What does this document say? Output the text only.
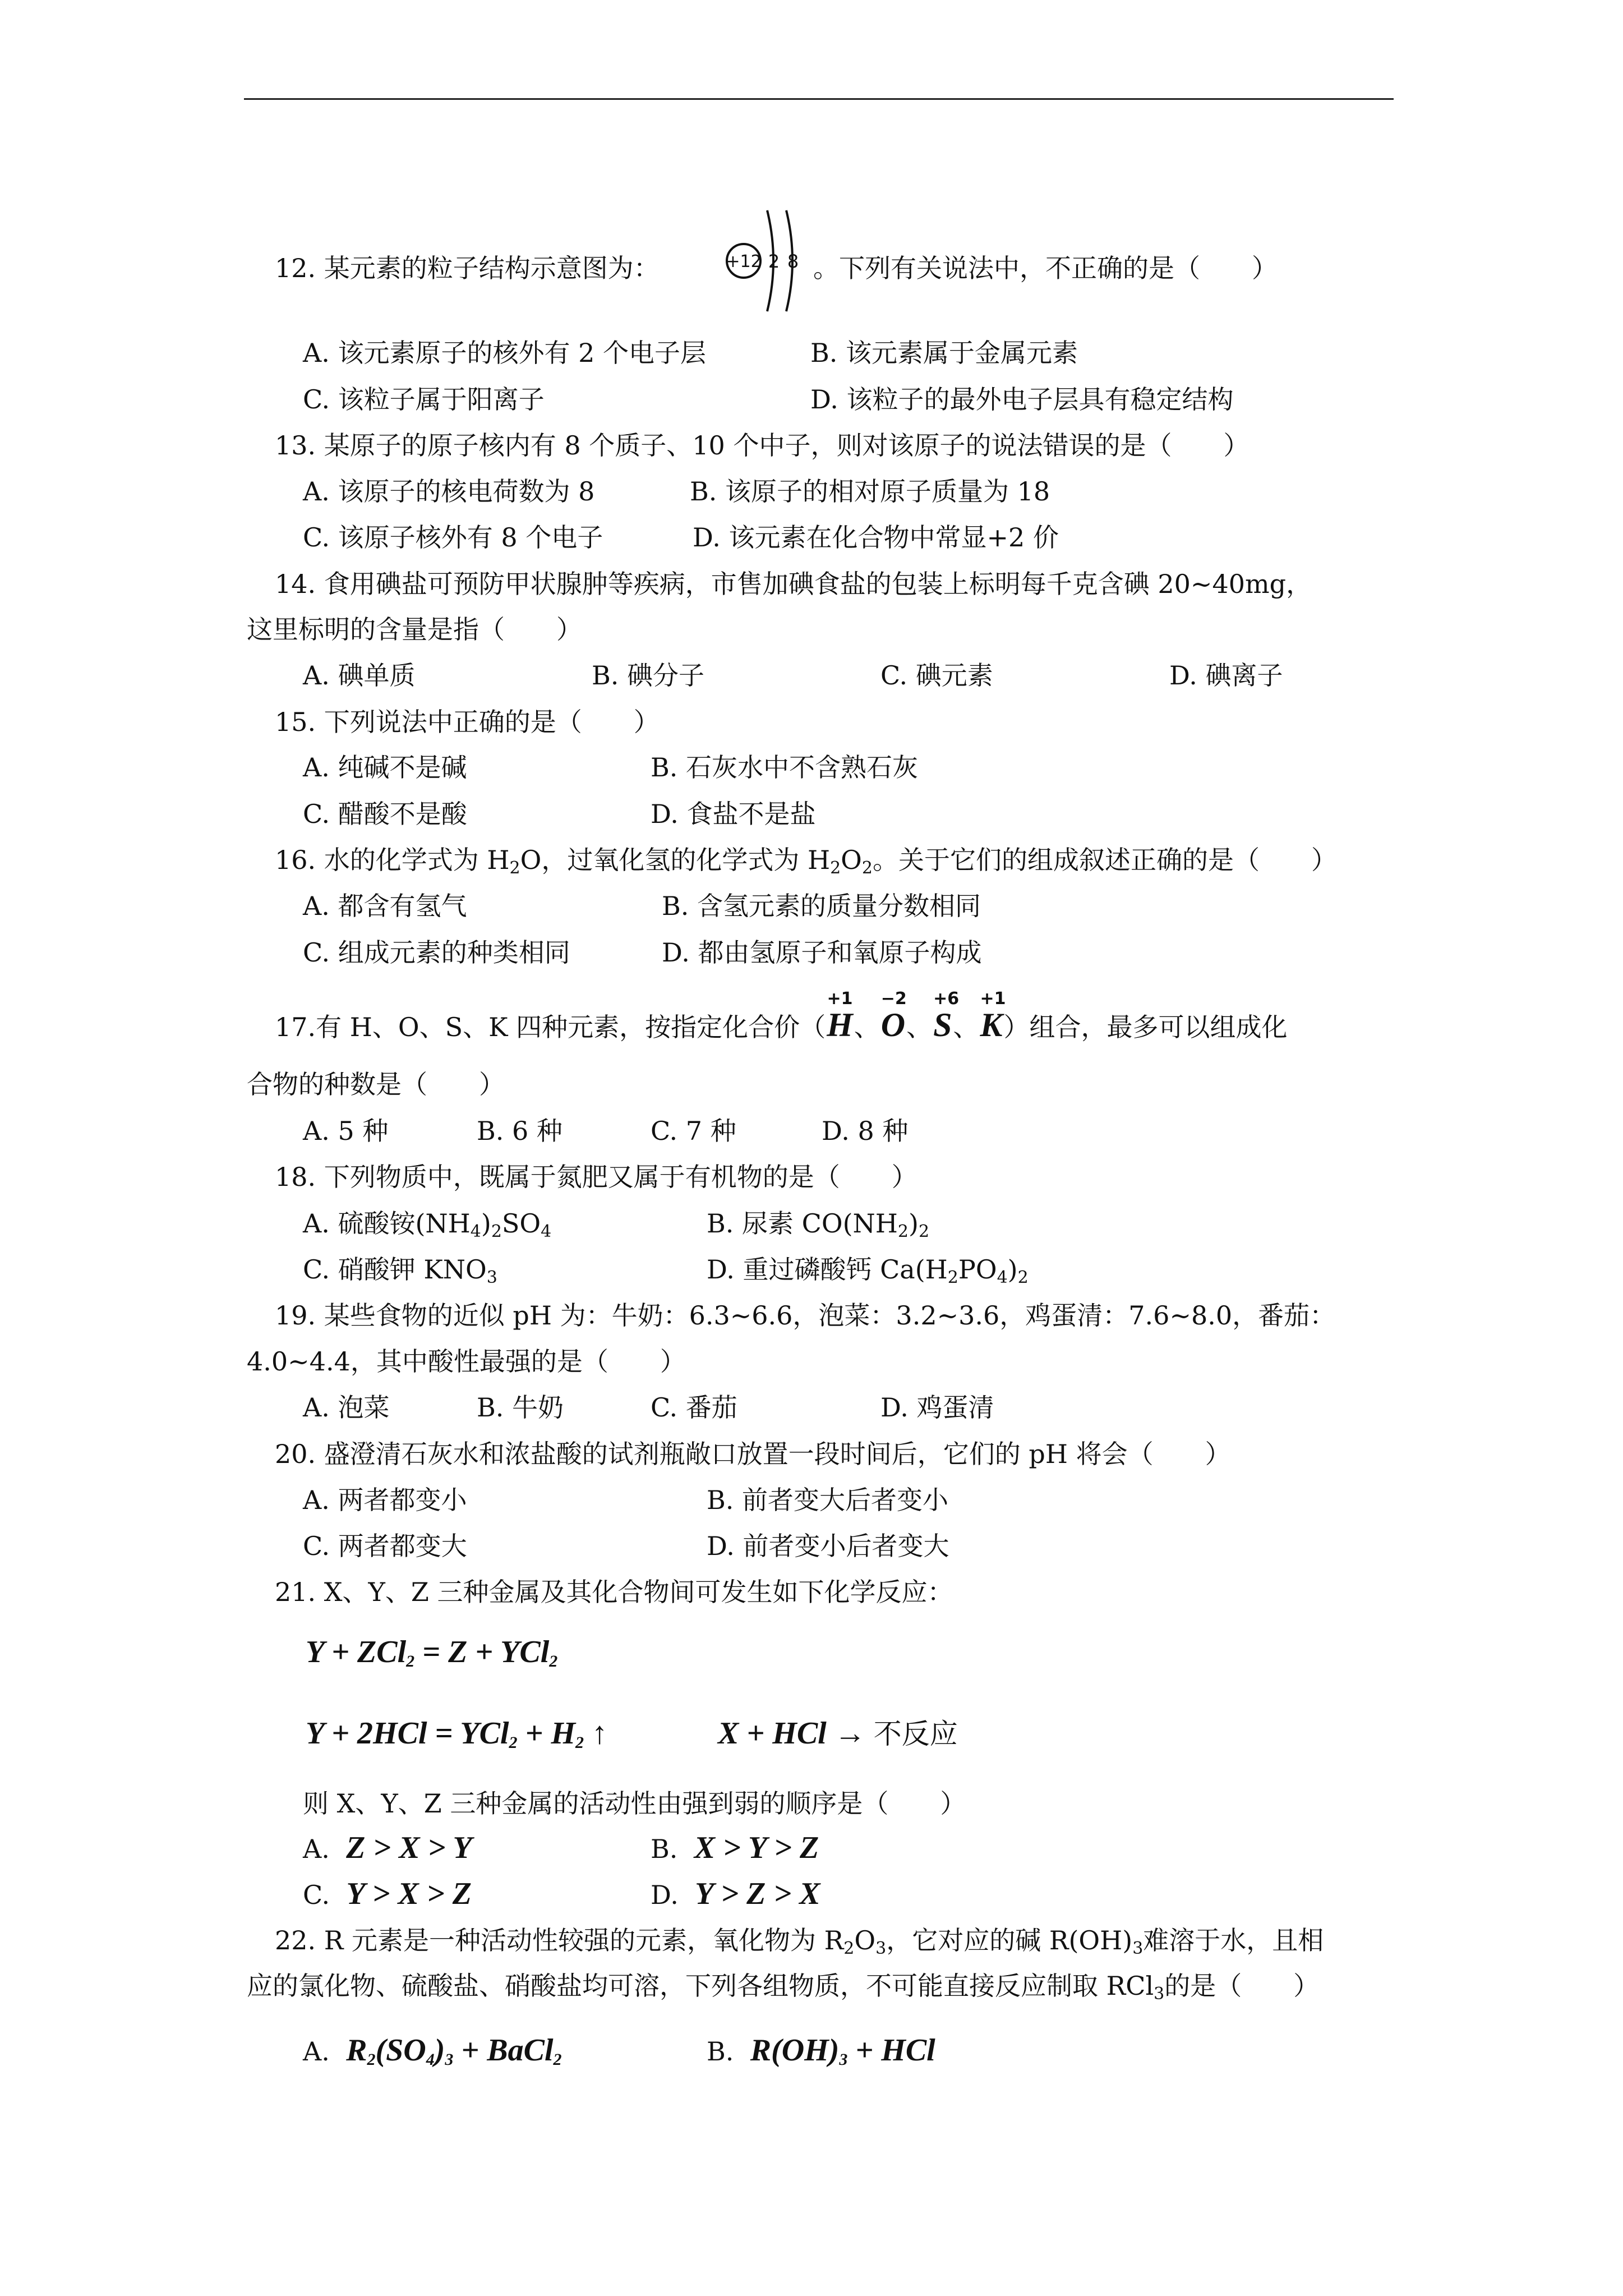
12. 某元素的粒子结构示意图为：	+12 2 8 。下列有关说法中，不正确的是（　　）
A. 该元素原子的核外有 2 个电子层	B. 该元素属于金属元素
C. 该粒子属于阳离子	D. 该粒子的最外电子层具有稳定结构
13. 某原子的原子核内有 8 个质子、10 个中子，则对该原子的说法错误的是（　　）
A. 该原子的核电荷数为 8	B. 该原子的相对原子质量为 18
C. 该原子核外有 8 个电子	D. 该元素在化合物中常显+2 价
14. 食用碘盐可预防甲状腺肿等疾病，市售加碘食盐的包装上标明每千克含碘 20~40mg，
这里标明的含量是指（　　）
A. 碘单质	B. 碘分子	C. 碘元素	D. 碘离子
15. 下列说法中正确的是（　　）
A. 纯碱不是碱	B. 石灰水中不含熟石灰
C. 醋酸不是酸	D. 食盐不是盐
16. 水的化学式为 $H_2O$，过氧化氢的化学式为 $H_2O_2$。关于它们的组成叙述正确的是（　　）
A. 都含有氢气	B. 含氢元素的质量分数相同
C. 组成元素的种类相同	D. 都由氢原子和氧原子构成
17.有 H、O、S、K 四种元素，按指定化合价（
+1
H、
−2
O、
+6
S、
+1
K）组合，最多可以组成化
合物的种数是（　　）
A. 5 种	B. 6 种	C. 7 种	D. 8 种
18. 下列物质中，既属于氮肥又属于有机物的是（　　）
A. 硫酸铵$(NH_4)_2SO_4$	B. 尿素 $CO(NH_2)_2$
C. 硝酸钾 $KNO_3$	D. 重过磷酸钙 $Ca(H_2PO_4)_2$
19. 某些食物的近似 pH 为：牛奶：6.3~6.6，泡菜：3.2~3.6，鸡蛋清：7.6~8.0，番茄：
4.0~4.4，其中酸性最强的是（　　）
A. 泡菜	B. 牛奶	C. 番茄	D. 鸡蛋清
20. 盛澄清石灰水和浓盐酸的试剂瓶敞口放置一段时间后，它们的 pH 将会（　　）
A. 两者都变小	B. 前者变大后者变小
C. 两者都变大	D. 前者变小后者变大
21. X、Y、Z 三种金属及其化合物间可发生如下化学反应：
Y + ZCl$_2$ = Z + YCl$_2$
$Y + 2HCl = YCl_2 + H_2$ ↑	X + HCl → 不反应
则 X、Y、Z 三种金属的活动性由强到弱的顺序是（　　）
A. Z > X > Y	B. X > Y > Z
C. Y > X > Z	D. Y > Z > X
22. R 元素是一种活动性较强的元素，氧化物为 $R_2O_3$，它对应的碱 $R(OH)_3$难溶于水，且相
应的氯化物、硫酸盐、硝酸盐均可溶，下列各组物质，不可能直接反应制取 RCl$_3$的是（　　）
A. $R_2(SO_4)_3$ + BaCl$_2$	B. $R(OH)_3$ + HCl
